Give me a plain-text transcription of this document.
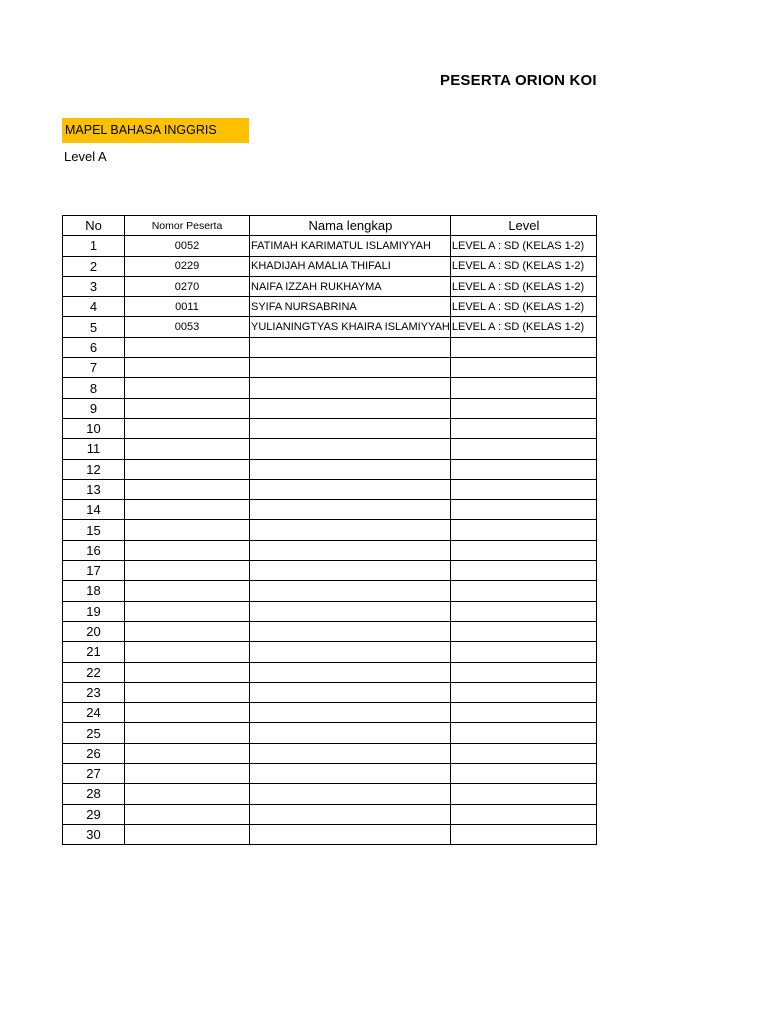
PESERTA ORION KOI
MAPEL BAHASA INGGRIS
Level A
No	Nomor Peserta	Nama lengkap	Level
1	0052	FATIMAH KARIMATUL ISLAMIYYAH	LEVEL A : SD (KELAS 1-2)
2	0229	KHADIJAH AMALIA THIFALI	LEVEL A : SD (KELAS 1-2)
3	0270	NAIFA IZZAH RUKHAYMA	LEVEL A : SD (KELAS 1-2)
4	0011	SYIFA NURSABRINA	LEVEL A : SD (KELAS 1-2)
5	0053	YULIANINGTYAS KHAIRA ISLAMIYYAH	LEVEL A : SD (KELAS 1-2)
6			
7			
8			
9			
10			
11			
12			
13			
14			
15			
16			
17			
18			
19			
20			
21			
22			
23			
24			
25			
26			
27			
28			
29			
30			
